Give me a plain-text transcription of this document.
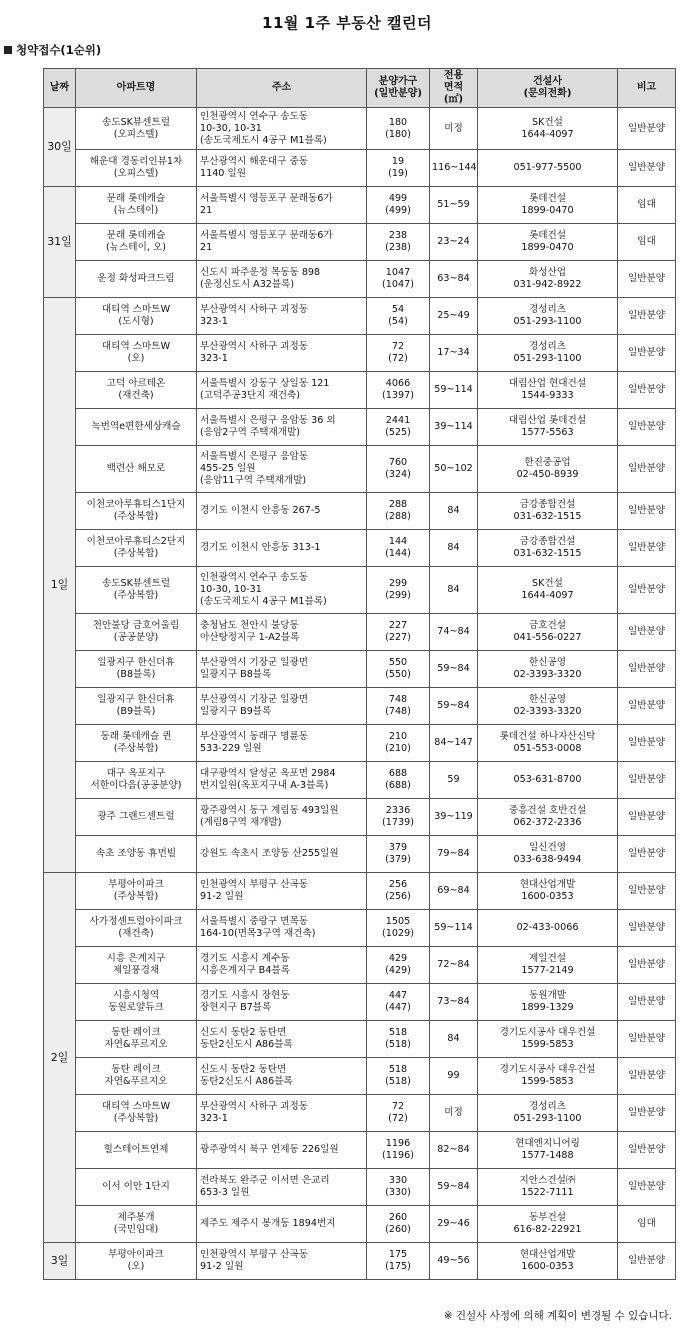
11월 1주 부동산 캘린더
청약접수(1순위)
날짜	아파트명	주소	분양가구
(일반분양)	전용
면적
(㎡)	건설사
(문의전화)	비고
30일	송도SK뷰센트럴
(오피스텔)	인천광역시 연수구 송도동
10-30, 10-31
(송도국제도시 4공구 M1블록)	180
(180)	미정	SK건설
1644-4097	일반분양
	해운대 경동리인뷰1차
(오피스텔)	부산광역시 해운대구 중동
1140 일원	19
(19)	116~144	051-977-5500	일반분양
31일	문래 롯데캐슬
(뉴스테이)	서울특별시 영등포구 문래동6가
21	499
(499)	51~59	롯데건설
1899-0470	임대
	문래 롯데캐슬
(뉴스테이, 오)	서울특별시 영등포구 문래동6가
21	238
(238)	23~24	롯데건설
1899-0470	임대
	운정 화성파크드림	신도시 파주운정 목동동 898
(운정신도시 A32블록)	1047
(1047)	63~84	화성산업
031-942-8922	일반분양
1일	대티역 스마트W
(도시형)	부산광역시 사하구 괴정동
323-1	54
(54)	25~49	경성리츠
051-293-1100	일반분양
	대티역 스마트W
(오)	부산광역시 사하구 괴정동
323-1	72
(72)	17~34	경성리츠
051-293-1100	일반분양
	고덕 아르테온
(재건축)	서울특별시 강동구 상일동 121
(고덕주공3단지 재건축)	4066
(1397)	59~114	대림산업 현대건설
1544-9333	일반분양
	녹번역e편한세상캐슬	서울특별시 은평구 응암동 36 외
(응암2구역 주택재개발)	2441
(525)	39~114	대림산업 롯데건설
1577-5563	일반분양
	백련산 해모로	서울특별시 은평구 응암동
455-25 일원
(응암11구역 주택재개발)	760
(324)	50~102	한진중공업
02-450-8939	일반분양
	이천코아루휴티스1단지
(주상복합)	경기도 이천시 안흥동 267-5	288
(288)	84	금강종합건설
031-632-1515	일반분양
	이천코아루휴티스2단지
(주상복합)	경기도 이천시 안흥동 313-1	144
(144)	84	금강종합건설
031-632-1515	일반분양
	송도SK뷰센트럴
(주상복합)	인천광역시 연수구 송도동
10-30, 10-31
(송도국제도시 4공구 M1블록)	299
(299)	84	SK건설
1644-4097	일반분양
	천안불당 금호어울림
(공공분양)	충청남도 천안시 불당동
아산탕정지구 1-A2블록	227
(227)	74~84	금호건설
041-556-0227	일반분양
	일광지구 한신더휴
(B8블록)	부산광역시 기장군 일광면
일광지구 B8블록	550
(550)	59~84	한신공영
02-3393-3320	일반분양
	일광지구 한신더휴
(B9블록)	부산광역시 기장군 일광면
일광지구 B9블록	748
(748)	59~84	한신공영
02-3393-3320	일반분양
	동래 롯데캐슬 퀸
(주상복합)	부산광역시 동래구 명륜동
533-229 일원	210
(210)	84~147	롯데건설 하나자산신탁
051-553-0008	일반분양
	대구 옥포지구
서한이다음(공공분양)	대구광역시 달성군 옥포면 2984
번지일원(옥포지구내 A-3블록)	688
(688)	59	053-631-8700	일반분양
	광주 그랜드센트럴	광주광역시 동구 계림동 493일원
(계림8구역 재개발)	2336
(1739)	39~119	중흥건설 호반건설
062-372-2336	일반분양
	속초 조양동 휴먼빌	강원도 속초시 조양동 산255일원	379
(379)	79~84	일신건영
033-638-9494	일반분양
2일	부평아이파크
(주상복합)	인천광역시 부평구 산곡동
91-2 일원	256
(256)	69~84	현대산업개발
1600-0353	일반분양
	사가정센트럴아이파크
(재건축)	서울특별시 중랑구 면목동
164-10(면목3구역 재건축)	1505
(1029)	59~114	02-433-0066	일반분양
	시흥 은계지구
제일풍경채	경기도 시흥시 계수동
시흥은계지구 B4블록	429
(429)	72~84	제일건설
1577-2149	일반분양
	시흥시청역
동원로얄듀크	경기도 시흥시 장현동
장현지구 B7블록	447
(447)	73~84	동원개발
1899-1329	일반분양
	동탄 레이크
자연&푸르지오	신도시 동탄2 동탄면
동탄2신도시 A86블록	518
(518)	84	경기도시공사 대우건설
1599-5853	일반분양
	동탄 레이크
자연&푸르지오	신도시 동탄2 동탄면
동탄2신도시 A86블록	518
(518)	99	경기도시공사 대우건설
1599-5853	일반분양
	대티역 스마트W
(주상복합)	부산광역시 사하구 괴정동
323-1	72
(72)	미정	경성리츠
051-293-1100	일반분양
	힐스테이트연제	광주광역시 북구 연제동 226일원	1196
(1196)	82~84	현대엔지니어링
1577-1488	일반분양
	이서 이안 1단지	전라북도 완주군 이서면 은교리
653-3 일원	330
(330)	59~84	지안스건설㈜
1522-7111	일반분양
	제주봉개
(국민임대)	제주도 제주시 봉개동 1894번지	260
(260)	29~46	동부건설
616-82-22921	임대
3일	부평아이파크
(오)	인천광역시 부평구 산곡동
91-2 일원	175
(175)	49~56	현대산업개발
1600-0353	일반분양
※ 건설사 사정에 의해 계획이 변경될 수 있습니다.
